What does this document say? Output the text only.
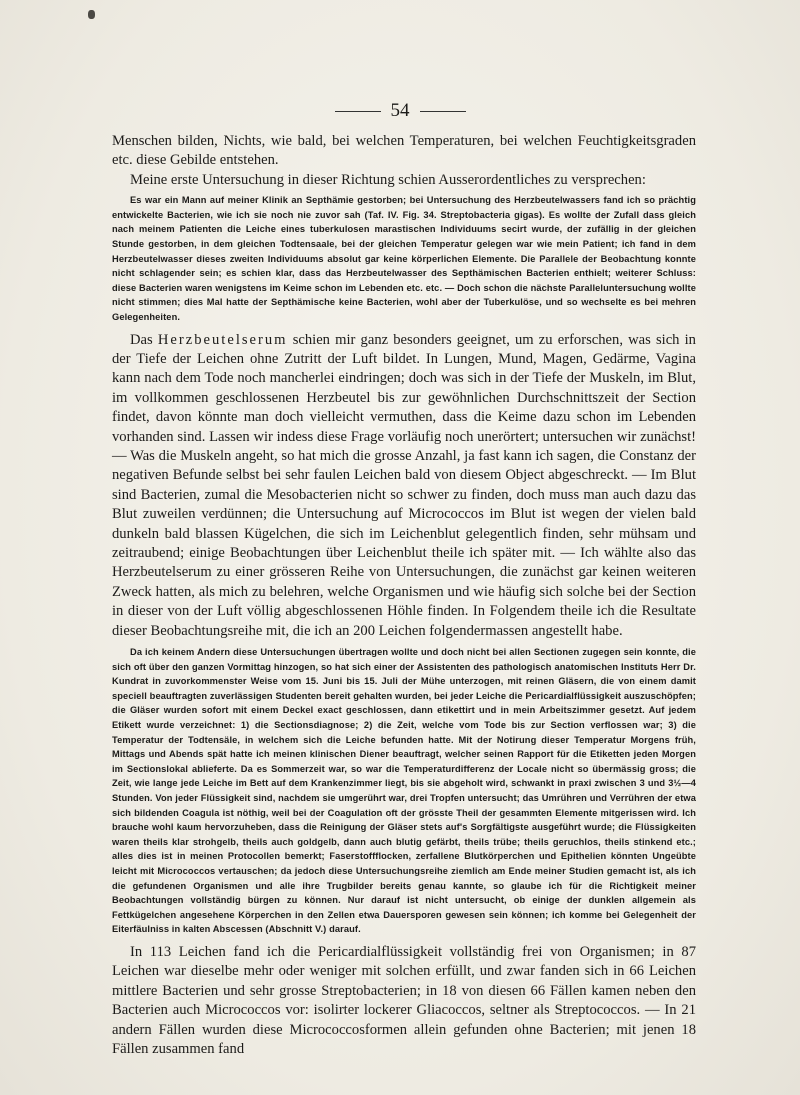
54

Menschen bilden, Nichts, wie bald, bei welchen Temperaturen, bei welchen Feuchtigkeitsgraden etc. diese Gebilde entstehen.

Meine erste Untersuchung in dieser Richtung schien Ausserordentliches zu versprechen:

Es war ein Mann auf meiner Klinik an Septhämie gestorben; bei Untersuchung des Herzbeutelwassers fand ich so prächtig entwickelte Bacterien, wie ich sie noch nie zuvor sah (Taf. IV. Fig. 34. Streptobacteria gigas). Es wollte der Zufall dass gleich nach meinem Patienten die Leiche eines tuberkulosen marastischen Individuums secirt wurde, der zufällig in der gleichen Stunde gestorben, in dem gleichen Todtensaale, bei der gleichen Temperatur gelegen war wie mein Patient; ich fand in dem Herzbeutelwasser dieses zweiten Individuums absolut gar keine körperlichen Elemente. Die Parallele der Beobachtung konnte nicht schlagender sein; es schien klar, dass das Herzbeutelwasser des Septhämischen Bacterien enthielt; weiterer Schluss: diese Bacterien waren wenigstens im Keime schon im Lebenden etc. etc. — Doch schon die nächste Paralleluntersuchung wollte nicht stimmen; dies Mal hatte der Septhämische keine Bacterien, wohl aber der Tuberkulöse, und so wechselte es bei mehren Gelegenheiten.

Das Herzbeutelserum schien mir ganz besonders geeignet, um zu erforschen, was sich in der Tiefe der Leichen ohne Zutritt der Luft bildet. In Lungen, Mund, Magen, Gedärme, Vagina kann nach dem Tode noch mancherlei eindringen; doch was sich in der Tiefe der Muskeln, im Blut, im vollkommen geschlossenen Herzbeutel bis zur gewöhnlichen Durchschnittszeit der Section findet, davon könnte man doch vielleicht vermuthen, dass die Keime dazu schon im Lebenden vorhanden sind. Lassen wir indess diese Frage vorläufig noch unerörtert; untersuchen wir zunächst! — Was die Muskeln angeht, so hat mich die grosse Anzahl, ja fast kann ich sagen, die Constanz der negativen Befunde selbst bei sehr faulen Leichen bald von diesem Object abgeschreckt. — Im Blut sind Bacterien, zumal die Mesobacterien nicht so schwer zu finden, doch muss man auch dazu das Blut zuweilen verdünnen; die Untersuchung auf Micrococcos im Blut ist wegen der vielen bald dunkeln bald blassen Kügelchen, die sich im Leichenblut gelegentlich finden, sehr mühsam und zeitraubend; einige Beobachtungen über Leichenblut theile ich später mit. — Ich wählte also das Herzbeutelserum zu einer grösseren Reihe von Untersuchungen, die zunächst gar keinen weiteren Zweck hatten, als mich zu belehren, welche Organismen und wie häufig sich solche bei der Section in dieser von der Luft völlig abgeschlossenen Höhle finden. In Folgendem theile ich die Resultate dieser Beobachtungsreihe mit, die ich an 200 Leichen folgendermassen angestellt habe.

Da ich keinem Andern diese Untersuchungen übertragen wollte und doch nicht bei allen Sectionen zugegen sein konnte, die sich oft über den ganzen Vormittag hinzogen, so hat sich einer der Assistenten des pathologisch anatomischen Instituts Herr Dr. Kundrat in zuvorkommenster Weise vom 15. Juni bis 15. Juli der Mühe unterzogen, mit reinen Gläsern, die von einem damit speciell beauftragten zuverlässigen Studenten bereit gehalten wurden, bei jeder Leiche die Pericardialflüssigkeit auszuschöpfen; die Gläser wurden sofort mit einem Deckel exact geschlossen, dann etikettirt und in mein Arbeitszimmer gesetzt. Auf jedem Etikett wurde verzeichnet: 1) die Sectionsdiagnose; 2) die Zeit, welche vom Tode bis zur Section verflossen war; 3) die Temperatur der Todtensäle, in welchem sich die Leiche befunden hatte. Mit der Notirung dieser Temperatur Morgens früh, Mittags und Abends spät hatte ich meinen klinischen Diener beauftragt, welcher seinen Rapport für die Etiketten jeden Morgen im Sectionslokal ablieferte. Da es Sommerzeit war, so war die Temperaturdifferenz der Locale nicht so übermässig gross; die Zeit, wie lange jede Leiche im Bett auf dem Krankenzimmer liegt, bis sie abgeholt wird, schwankt in praxi zwischen 3 und 3½—4 Stunden. Von jeder Flüssigkeit sind, nachdem sie umgerührt war, drei Tropfen untersucht; das Umrühren und Verrühren der etwa sich bildenden Coagula ist nöthig, weil bei der Coagulation oft der grösste Theil der gesammten Elemente mitgerissen wird. Ich brauche wohl kaum hervorzuheben, dass die Reinigung der Gläser stets auf's Sorgfältigste ausgeführt wurde; die Flüssigkeiten waren theils klar strohgelb, theils auch goldgelb, dann auch blutig gefärbt, theils trübe; theils geruchlos, theils stinkend etc.; alles dies ist in meinen Protocollen bemerkt; Faserstoffflocken, zerfallene Blutkörperchen und Epithelien könnten Ungeübte leicht mit Micrococcos vertauschen; da jedoch diese Untersuchungsreihe ziemlich am Ende meiner Studien gemacht ist, als ich die gefundenen Organismen und alle ihre Trugbilder bereits genau kannte, so glaube ich für die Richtigkeit meiner Beobachtungen vollständig bürgen zu können. Nur darauf ist nicht untersucht, ob einige der dunklen allgemein als Fettkügelchen angesehene Körperchen in den Zellen etwa Dauersporen gewesen sein können; ich komme bei Gelegenheit der Eiterfäulniss in kalten Abscessen (Abschnitt V.) darauf.

In 113 Leichen fand ich die Pericardialflüssigkeit vollständig frei von Organismen; in 87 Leichen war dieselbe mehr oder weniger mit solchen erfüllt, und zwar fanden sich in 66 Leichen mittlere Bacterien und sehr grosse Streptobacterien; in 18 von diesen 66 Fällen kamen neben den Bacterien auch Micrococcos vor: isolirter lockerer Gliacoccos, seltner als Streptococcos. — In 21 andern Fällen wurden diese Micrococcosformen allein gefunden ohne Bacterien; mit jenen 18 Fällen zusammen fand
